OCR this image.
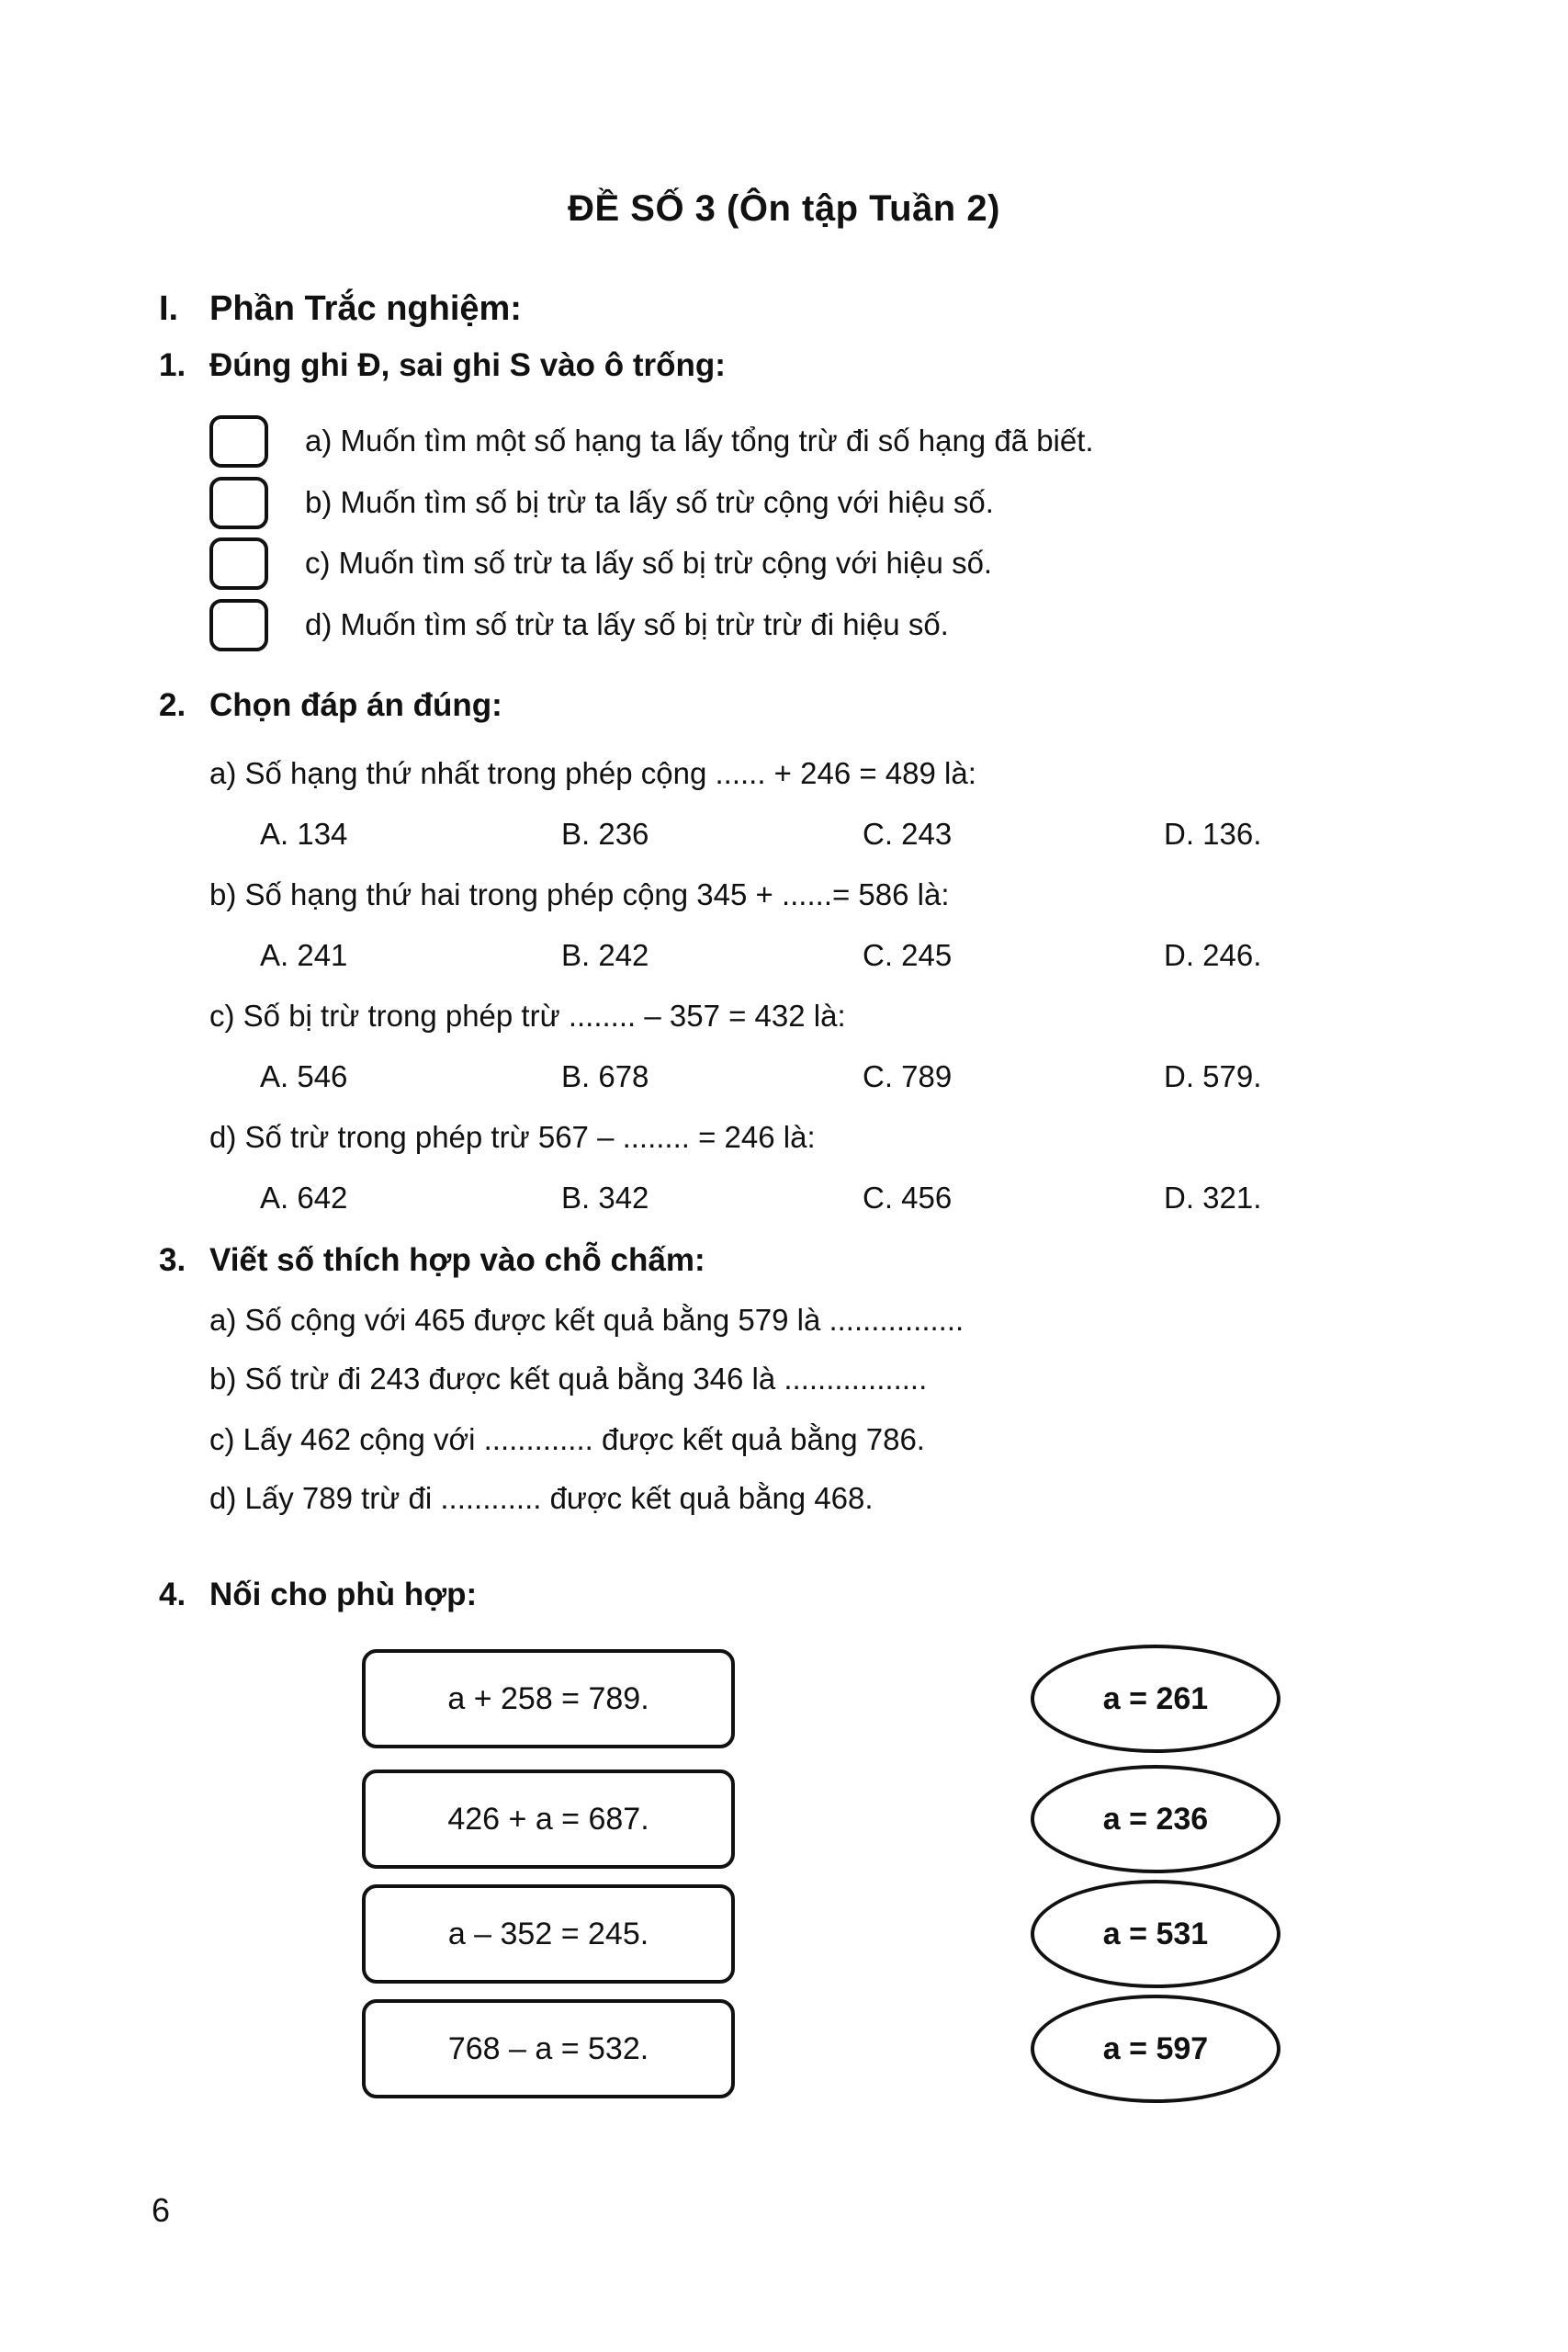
ĐỀ SỐ 3 (Ôn tập Tuần 2)
I. Phần Trắc nghiệm:
1. Đúng ghi Đ, sai ghi S vào ô trống:
a) Muốn tìm một số hạng ta lấy tổng trừ đi số hạng đã biết.
b) Muốn tìm số bị trừ ta lấy số trừ cộng với hiệu số.
c) Muốn tìm số trừ ta lấy số bị trừ cộng với hiệu số.
d) Muốn tìm số trừ ta lấy số bị trừ trừ đi hiệu số.
2. Chọn đáp án đúng:
a) Số hạng thứ nhất trong phép cộng ...... + 246 = 489 là:
A. 134	B. 236	C. 243	D. 136.
b) Số hạng thứ hai trong phép cộng 345 + ......= 586 là:
A. 241	B. 242	C. 245	D. 246.
c) Số bị trừ trong phép trừ ........ – 357 = 432 là:
A. 546	B. 678	C. 789	D. 579.
d) Số trừ trong phép trừ 567 – ........ = 246 là:
A. 642	B. 342	C. 456	D. 321.
3. Viết số thích hợp vào chỗ chấm:
a) Số cộng với 465 được kết quả bằng 579 là ................
b) Số trừ đi 243 được kết quả bằng 346 là .................
c) Lấy 462 cộng với ............. được kết quả bằng 786.
d) Lấy 789 trừ đi ............ được kết quả bằng 468.
4. Nối cho phù hợp:
a + 258 = 789.
426 + a = 687.
a – 352 = 245.
768 – a = 532.
a = 261
a = 236
a = 531
a = 597
6
